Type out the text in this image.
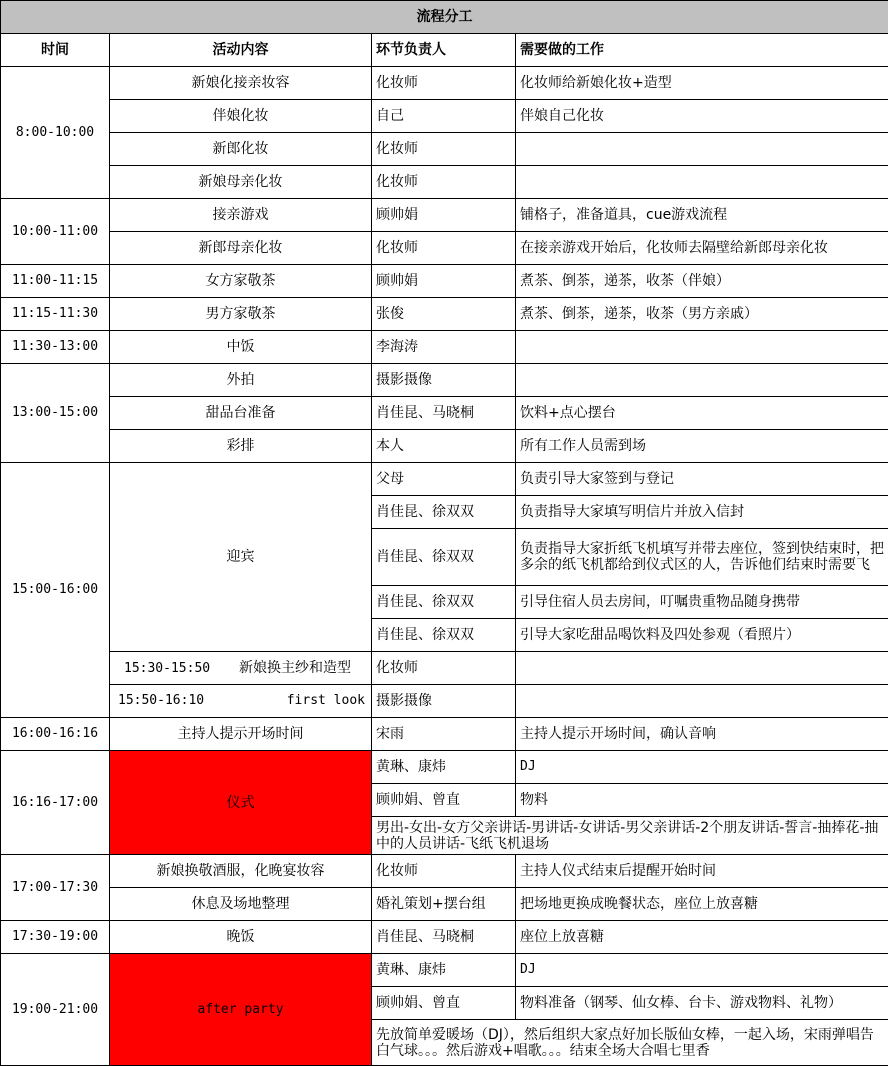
流程分工			
时间	活动内容	环节负责人	需要做的工作
8:00-10:00	新娘化接亲妆容	化妆师	化妆师给新娘化妆+造型
	伴娘化妆	自己	伴娘自己化妆
	新郎化妆	化妆师	
	新娘母亲化妆	化妆师	
10:00-11:00	接亲游戏	顾帅娟	铺格子，准备道具，cue游戏流程
	新郎母亲化妆	化妆师	在接亲游戏开始后，化妆师去隔壁给新郎母亲化妆
11:00-11:15	女方家敬茶	顾帅娟	煮茶、倒茶，递茶，收茶（伴娘）
11:15-11:30	男方家敬茶	张俊	煮茶、倒茶，递茶，收茶（男方亲戚）
11:30-13:00	中饭	李海涛	
13:00-15:00	外拍	摄影摄像	
	甜品台准备	肖佳昆、马晓桐	饮料+点心摆台
	彩排	本人	所有工作人员需到场
15:00-16:00	迎宾	父母	负责引导大家签到与登记
		肖佳昆、徐双双	负责指导大家填写明信片并放入信封
		肖佳昆、徐双双	负责指导大家折纸飞机填写并带去座位，签到快结束时，把多余的纸飞机都给到仪式区的人，告诉他们结束时需要飞
		肖佳昆、徐双双	引导住宿人员去房间，叮嘱贵重物品随身携带
		肖佳昆、徐双双	引导大家吃甜品喝饮料及四处参观（看照片）
	15:30-15:50 新娘换主纱和造型	化妆师	

	15:50-16:10 first look	摄影摄像	
16:00-16:16	主持人提示开场时间	宋雨	主持人提示开场时间，确认音响
16:16-17:00	仪式	黄琳、康炜	DJ
		顾帅娟、曾直	物料
		男出-女出-女方父亲讲话-男讲话-女讲话-男父亲讲话-2个朋友讲话-誓言-抽捧花-抽中的人员讲话-飞纸飞机退场	
17:00-17:30	新娘换敬酒服，化晚宴妆容	化妆师	主持人仪式结束后提醒开始时间
	休息及场地整理	婚礼策划+摆台组	把场地更换成晚餐状态，座位上放喜糖
17:30-19:00	晚饭	肖佳昆、马晓桐	座位上放喜糖
19:00-21:00	after party	黄琳、康炜	DJ
		顾帅娟、曾直	物料准备（钢琴、仙女棒、台卡、游戏物料、礼物）
		先放简单爱暖场（DJ），然后组织大家点好加长版仙女棒，一起入场，宋雨弹唱告白气球。。。然后游戏+唱歌。。。结束全场大合唱七里香	
